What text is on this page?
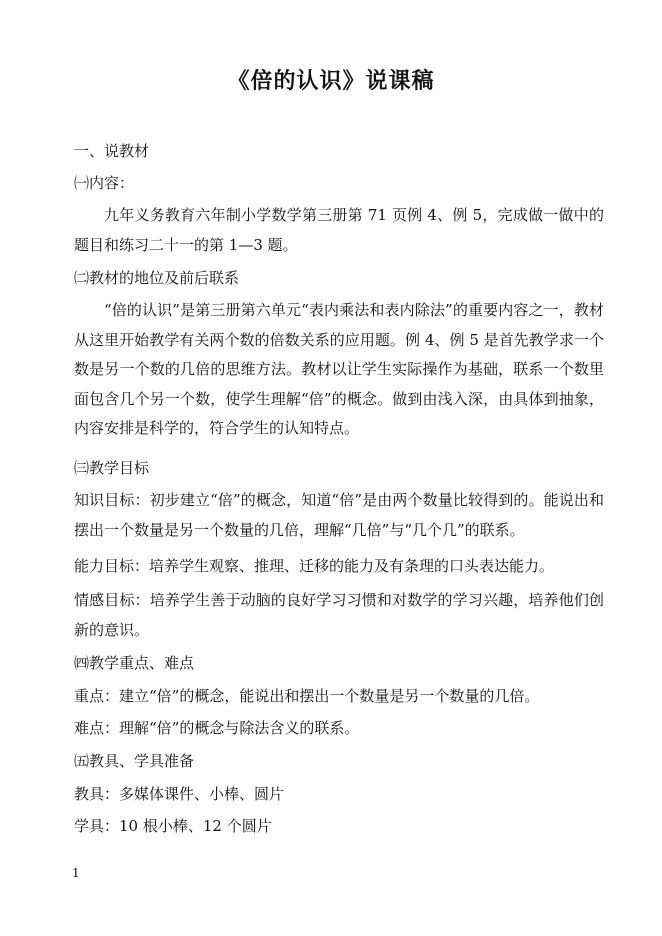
《倍的认识》说课稿

一、说教材

㈠内容：

九年义务教育六年制小学数学第三册第 71 页例 4、例 5，完成做一做中的题目和练习二十一的第 1—3 题。

㈡教材的地位及前后联系

“倍的认识”是第三册第六单元“表内乘法和表内除法”的重要内容之一，教材从这里开始教学有关两个数的倍数关系的应用题。例 4、例 5 是首先教学求一个数是另一个数的几倍的思维方法。教材以让学生实际操作为基础，联系一个数里面包含几个另一个数，使学生理解“倍”的概念。做到由浅入深，由具体到抽象，内容安排是科学的，符合学生的认知特点。

㈢教学目标

知识目标：初步建立“倍”的概念，知道“倍”是由两个数量比较得到的。能说出和摆出一个数量是另一个数量的几倍，理解“几倍”与“几个几”的联系。

能力目标：培养学生观察、推理、迁移的能力及有条理的口头表达能力。

情感目标：培养学生善于动脑的良好学习习惯和对数学的学习兴趣，培养他们创新的意识。

㈣教学重点、难点

重点：建立“倍”的概念，能说出和摆出一个数量是另一个数量的几倍。

难点：理解“倍”的概念与除法含义的联系。

㈤教具、学具准备

教具：多媒体课件、小棒、圆片

学具：10 根小棒、12 个圆片

1
